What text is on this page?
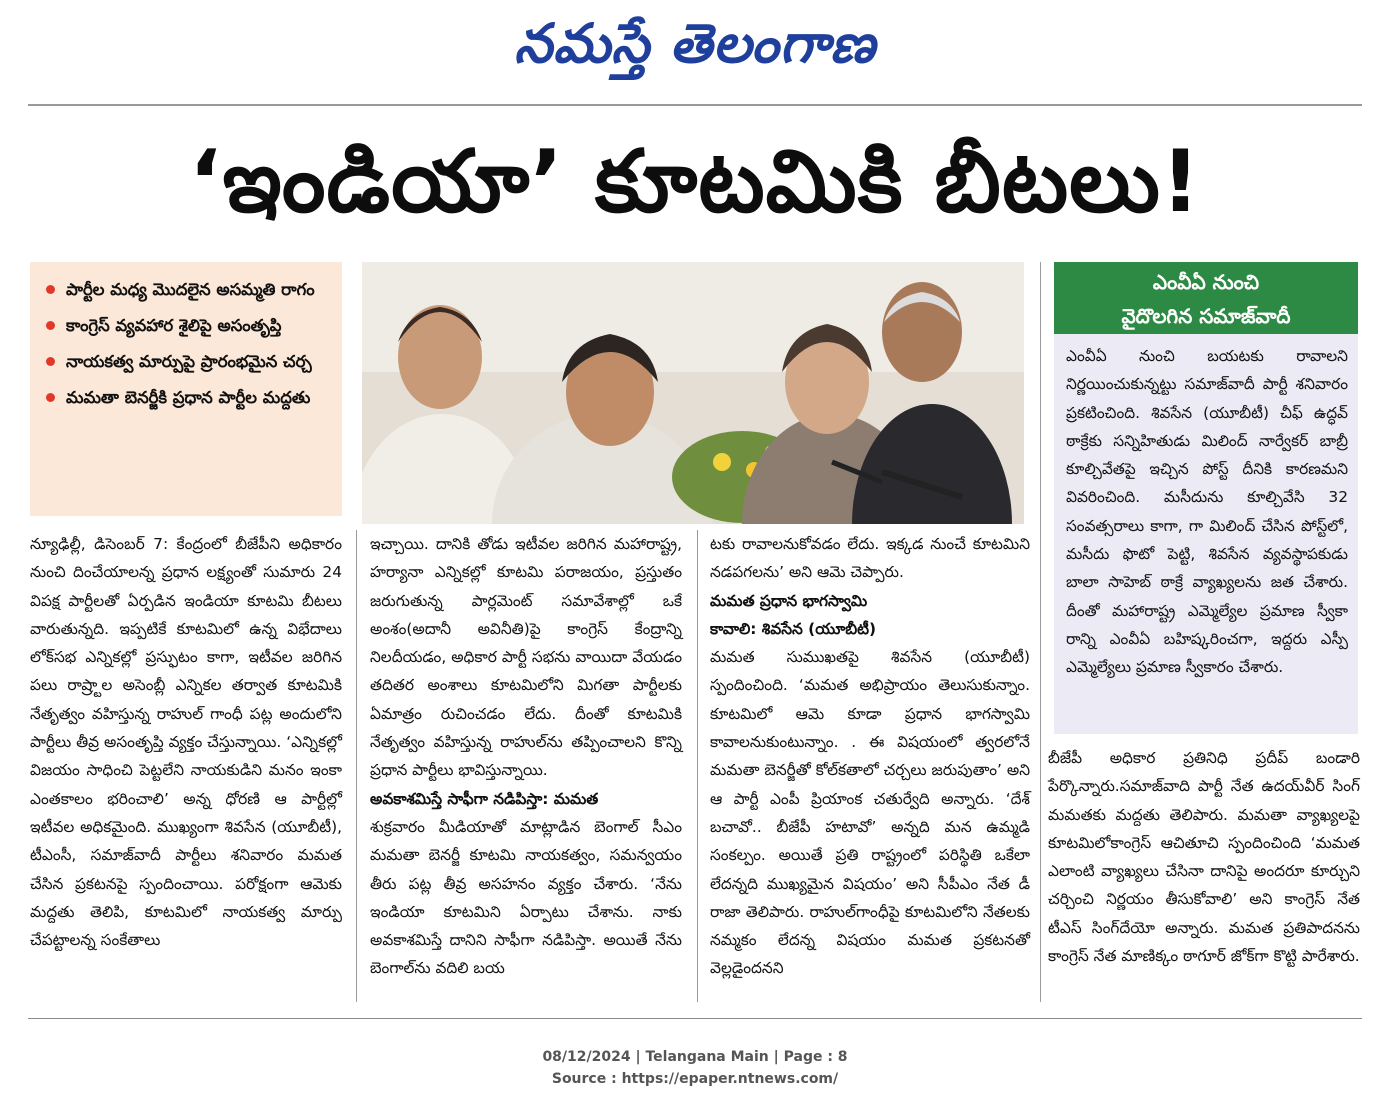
నమస్తే తెలంగాణ
‘ఇండియా’ కూటమికి బీటలు!
పార్టీల మధ్య మొదలైన అసమ్మతి రాగం
కాంగ్రెస్ వ్యవహార శైలిపై అసంతృప్తి
నాయకత్వ మార్పుపై ప్రారంభమైన చర్చ
మమతా బెనర్జీకి ప్రధాన పార్టీల మద్దతు
ఎంవీఏ నుంచి
వైదొలగిన సమాజ్‌వాదీ
ఎంవీఏ నుంచి బయటకు రావాలని నిర్ణయించుకున్నట్టు సమాజ్‌వాదీ పార్టీ శనివారం ప్రకటించింది. శివసేన (యూబీటీ) చీఫ్ ఉద్ధవ్ ఠాక్రేకు సన్నిహితుడు మిలింద్ నార్వేకర్ బాబ్రీ కూల్చివేతపై ఇచ్చిన పోస్ట్ దీనికి కారణమని వివరించింది. మసీదును కూల్చివేసి 32 సంవత్సరాలు కాగా, గా మిలింద్ చేసిన పోస్ట్‌లో, మసీదు ఫొటో పెట్టి, శివసేన వ్యవస్థాపకుడు బాలా సాహెబ్ ఠాక్రే వ్యాఖ్యలను జత చేశారు. దీంతో మహారాష్ట్ర ఎమ్మెల్యేల ప్రమాణ స్వీకా రాన్ని ఎంవీఏ బహిష్కరించగా, ఇద్దరు ఎస్పీ ఎమ్మెల్యేలు ప్రమాణ స్వీకారం చేశారు.
న్యూఢిల్లీ, డిసెంబర్ 7: కేంద్రంలో బీజేపీని అధికారం నుంచి దించేయాలన్న ప్రధాన లక్ష్యంతో సుమారు 24 విపక్ష పార్టీలతో ఏర్పడిన ఇండియా కూటమి బీటలు వారుతున్నది. ఇప్పటికే కూటమిలో ఉన్న విభేదాలు లోక్‌సభ ఎన్నికల్లో ప్రస్ఫుటం కాగా, ఇటీవల జరిగిన పలు రాష్ర్టాల అసెంబ్లీ ఎన్నికల తర్వాత కూటమికి నేతృత్వం వహిస్తున్న రాహుల్ గాంధీ పట్ల అందులోని పార్టీలు తీవ్ర అసంతృప్తి వ్యక్తం చేస్తున్నాయి. ‘ఎన్నికల్లో విజయం సాధించి పెట్టలేని నాయకుడిని మనం ఇంకా ఎంతకాలం భరించాలి’ అన్న ధోరణి ఆ పార్టీల్లో ఇటీవల అధికమైంది. ముఖ్యంగా శివసేన (యూబీటీ), టీఎంసీ, సమాజ్‌వాదీ పార్టీలు శనివారం మమత చేసిన ప్రకటనపై స్పందించాయి. పరోక్షంగా ఆమెకు మద్దతు తెలిపి, కూటమిలో నాయకత్వ మార్పు చేపట్టాలన్న సంకేతాలు
ఇచ్చాయి. దానికి తోడు ఇటీవల జరిగిన మహారాష్ట్ర, హర్యానా ఎన్నికల్లో కూటమి పరాజయం, ప్రస్తుతం జరుగుతున్న పార్లమెంట్ సమావేశాల్లో ఒకే అంశం(అదానీ అవినీతి)పై కాంగ్రెస్ కేంద్రాన్ని నిలదీయడం, అధికార పార్టీ సభను వాయిదా వేయడం తదితర అంశాలు కూటమిలోని మిగతా పార్టీలకు ఏమాత్రం రుచించడం లేదు. దీంతో కూటమికి నేతృత్వం వహిస్తున్న రాహుల్‌ను తప్పించాలని కొన్ని ప్రధాన పార్టీలు భావిస్తున్నాయి.
అవకాశమిస్తే సాఫీగా నడిపిస్తా: మమత
శుక్రవారం మీడియాతో మాట్లాడిన బెంగాల్ సీఎం మమతా బెనర్జీ కూటమి నాయకత్వం, సమన్వయం తీరు పట్ల తీవ్ర అసహనం వ్యక్తం చేశారు. ‘నేను ఇండియా కూటమిని ఏర్పాటు చేశాను. నాకు అవకాశమిస్తే దానిని సాఫీగా నడిపిస్తా. అయితే నేను బెంగాల్‌ను వదిలి బయ
టకు రావాలనుకోవడం లేదు. ఇక్కడ నుంచే కూటమిని నడపగలను’ అని ఆమె చెప్పారు.
మమత ప్రధాన భాగస్వామి
కావాలి: శివసేన (యూబీటీ)
మమత సుముఖతపై శివసేన (యూబీటీ) స్పందించింది. ‘మమత అభిప్రాయం తెలుసుకున్నాం. కూటమిలో ఆమె కూడా ప్రధాన భాగస్వామి కావాలనుకుంటున్నాం. . ఈ విషయంలో త్వరలోనే మమతా బెనర్జీతో కోల్‌కతాలో చర్చలు జరుపుతాం’ అని ఆ పార్టీ ఎంపీ ప్రియాంక చతుర్వేది అన్నారు. ‘దేశ్ బచావో.. బీజేపీ హటావో’ అన్నది మన ఉమ్మడి సంకల్పం. అయితే ప్రతి రాష్ట్రంలో పరిస్థితి ఒకేలా లేదన్నది ముఖ్యమైన విషయం’ అని సీపీఎం నేత డీ రాజా తెలిపారు. రాహుల్‌గాంధీపై కూటమిలోని నేతలకు నమ్మకం లేదన్న విషయం మమత ప్రకటనతో వెల్లడైందనని
బీజేపీ అధికార ప్రతినిధి ప్రదీప్ బండారి పేర్కొన్నారు.సమాజ్‌వాది పార్టీ నేత ఉదయ్‌వీర్ సింగ్ మమతకు మద్దతు తెలిపారు. మమతా వ్యాఖ్యలపై కూటమిలోకాంగ్రెస్ ఆచితూచి స్పందించింది ‘మమత ఎలాంటి వ్యాఖ్యలు చేసినా దానిపై అందరూ కూర్చుని చర్చించి నిర్ణయం తీసుకోవాలి’ అని కాంగ్రెస్ నేత టీఎస్ సింగ్‌దేయో అన్నారు. మమత ప్రతిపాదనను కాంగ్రెస్ నేత మాణిక్కం ఠాగూర్ జోక్‌గా కొట్టి పారేశారు.
08/12/2024 | Telangana Main | Page : 8
Source : https://epaper.ntnews.com/
